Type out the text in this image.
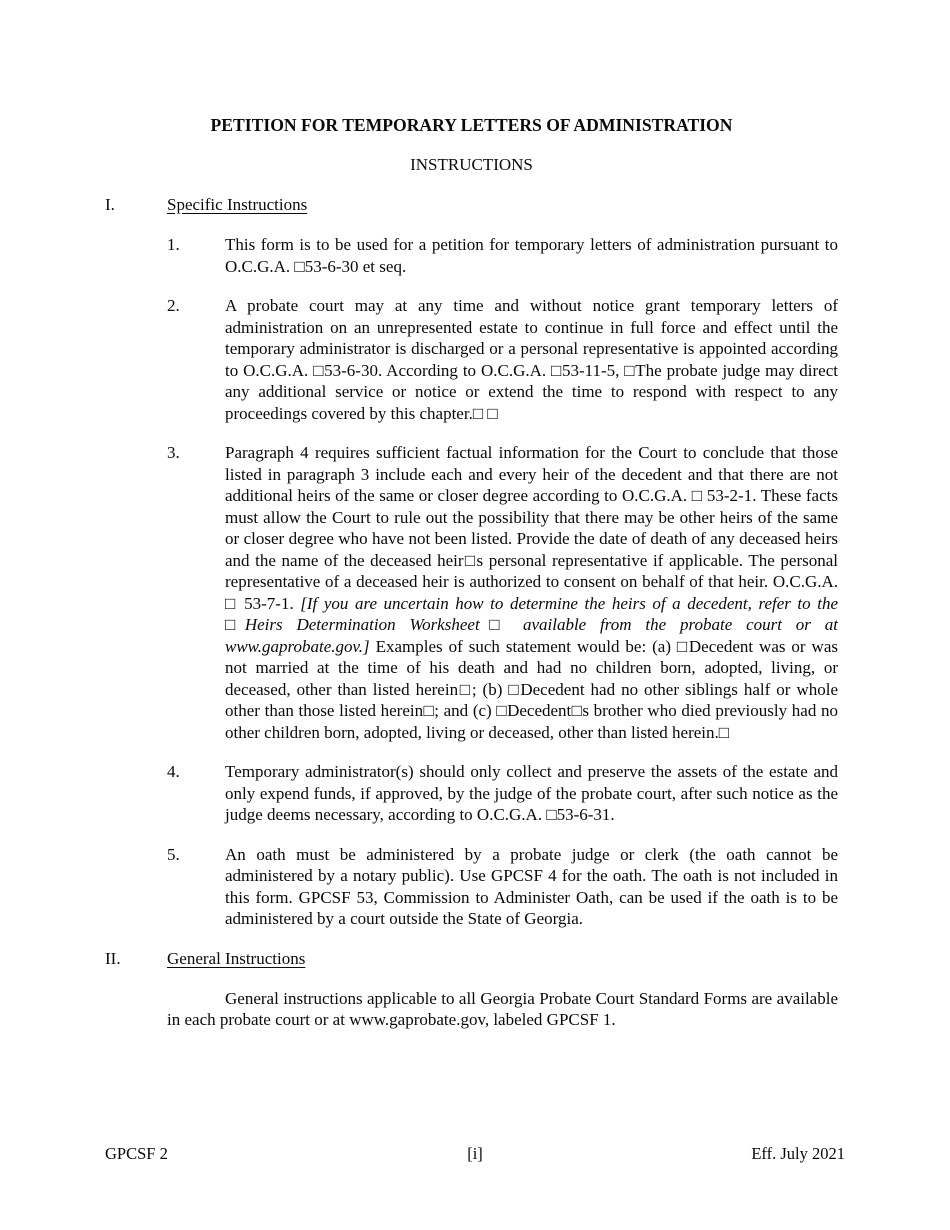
PETITION FOR TEMPORARY LETTERS OF ADMINISTRATION
INSTRUCTIONS
I.	Specific Instructions
1.	This form is to be used for a petition for temporary letters of administration pursuant to O.C.G.A. □53-6-30 et seq.
2.	A probate court may at any time and without notice grant temporary letters of administration on an unrepresented estate to continue in full force and effect until the temporary administrator is discharged or a personal representative is appointed according to O.C.G.A. □53-6-30. According to O.C.G.A. □53-11-5, □The probate judge may direct any additional service or notice or extend the time to respond with respect to any proceedings covered by this chapter.□ □
3.	Paragraph 4 requires sufficient factual information for the Court to conclude that those listed in paragraph 3 include each and every heir of the decedent and that there are not additional heirs of the same or closer degree according to O.C.G.A. □ 53-2-1. These facts must allow the Court to rule out the possibility that there may be other heirs of the same or closer degree who have not been listed. Provide the date of death of any deceased heirs and the name of the deceased heir□s personal representative if applicable. The personal representative of a deceased heir is authorized to consent on behalf of that heir. O.C.G.A. □ 53-7-1. [If you are uncertain how to determine the heirs of a decedent, refer to the □Heirs Determination Worksheet□ available from the probate court or at www.gaprobate.gov.] Examples of such statement would be: (a) □Decedent was or was not married at the time of his death and had no children born, adopted, living, or deceased, other than listed herein□; (b) □Decedent had no other siblings half or whole other than those listed herein□; and (c) □Decedent□s brother who died previously had no other children born, adopted, living or deceased, other than listed herein.□
4.	Temporary administrator(s) should only collect and preserve the assets of the estate and only expend funds, if approved, by the judge of the probate court, after such notice as the judge deems necessary, according to O.C.G.A. □53-6-31.
5.	An oath must be administered by a probate judge or clerk (the oath cannot be administered by a notary public). Use GPCSF 4 for the oath. The oath is not included in this form. GPCSF 53, Commission to Administer Oath, can be used if the oath is to be administered by a court outside the State of Georgia.
II.	General Instructions
General instructions applicable to all Georgia Probate Court Standard Forms are available in each probate court or at www.gaprobate.gov, labeled GPCSF 1.
GPCSF 2	[i]	Eff. July 2021
